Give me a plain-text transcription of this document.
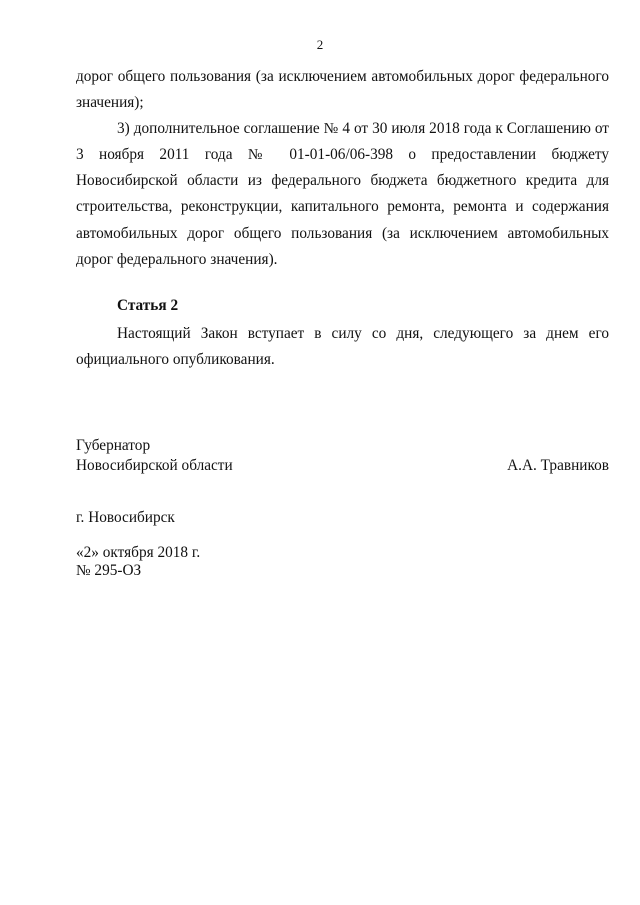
2

дорог общего пользования (за исключением автомобильных дорог федерального значения);

3) дополнительное соглашение № 4 от 30 июля 2018 года к Соглашению от 3 ноября 2011 года № 01-01-06/06-398 о предоставлении бюджету Новосибирской области из федерального бюджета бюджетного кредита для строительства, реконструкции, капитального ремонта, ремонта и содержания автомобильных дорог общего пользования (за исключением автомобильных дорог федерального значения).

Статья 2

Настоящий Закон вступает в силу со дня, следующего за днем его официального опубликования.

Губернатор
Новосибирской области	А.А. Травников
г. Новосибирск
«2» октября 2018 г.
№ 295-ОЗ
